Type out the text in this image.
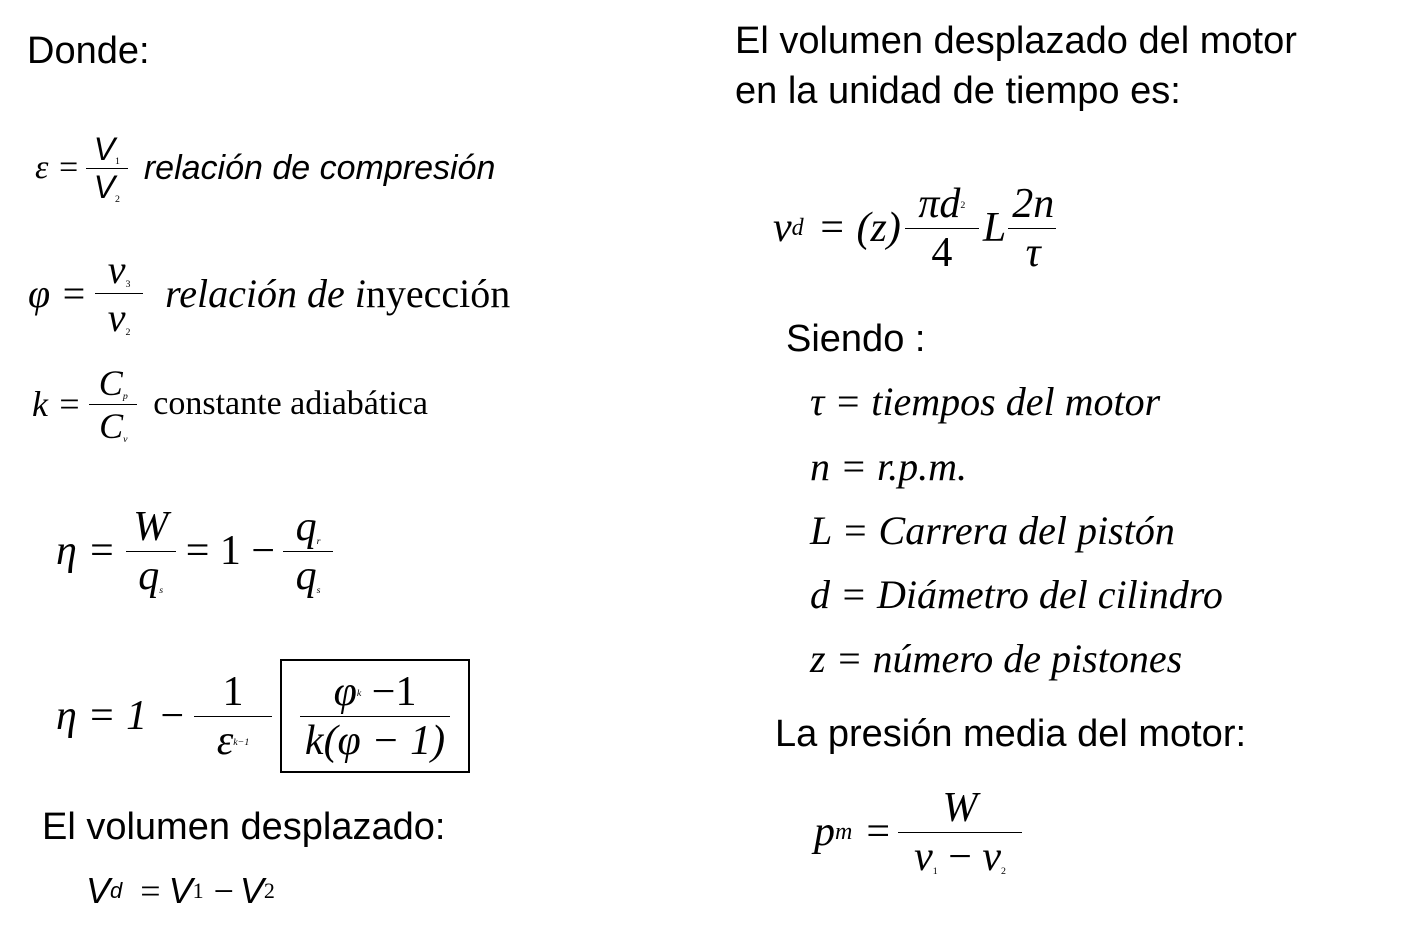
Donde:
$\varepsilon = \frac{V_1}{V_2}$ relación de compresión
$\varphi = \frac{v_3}{v_2}$ relación de inyección
$k = \frac{C_p}{C_v}$ constante adiabática
$\eta = \frac{W}{q_s} = 1 - \frac{q_r}{q_s}$
$\eta = 1 - \frac{1}{\varepsilon^{k-1}} \frac{\varphi^k -1}{k(\varphi - 1)}$
El volumen desplazado:
V d = V 1 − V 2
El volumen desplazado del motor
en la unidad de tiempo es:
v $d = (z) \frac{\pi d^2}{4}$ L $\frac{2n}{\tau}$
Siendo :
τ = tiempos del motor
n = r.p.m.
L = Carrera del pistón
d = Diámetro del cilindro
z = número de pistones
La presión media del motor:
p $m = \frac{W}{v_1 - v_2}$
